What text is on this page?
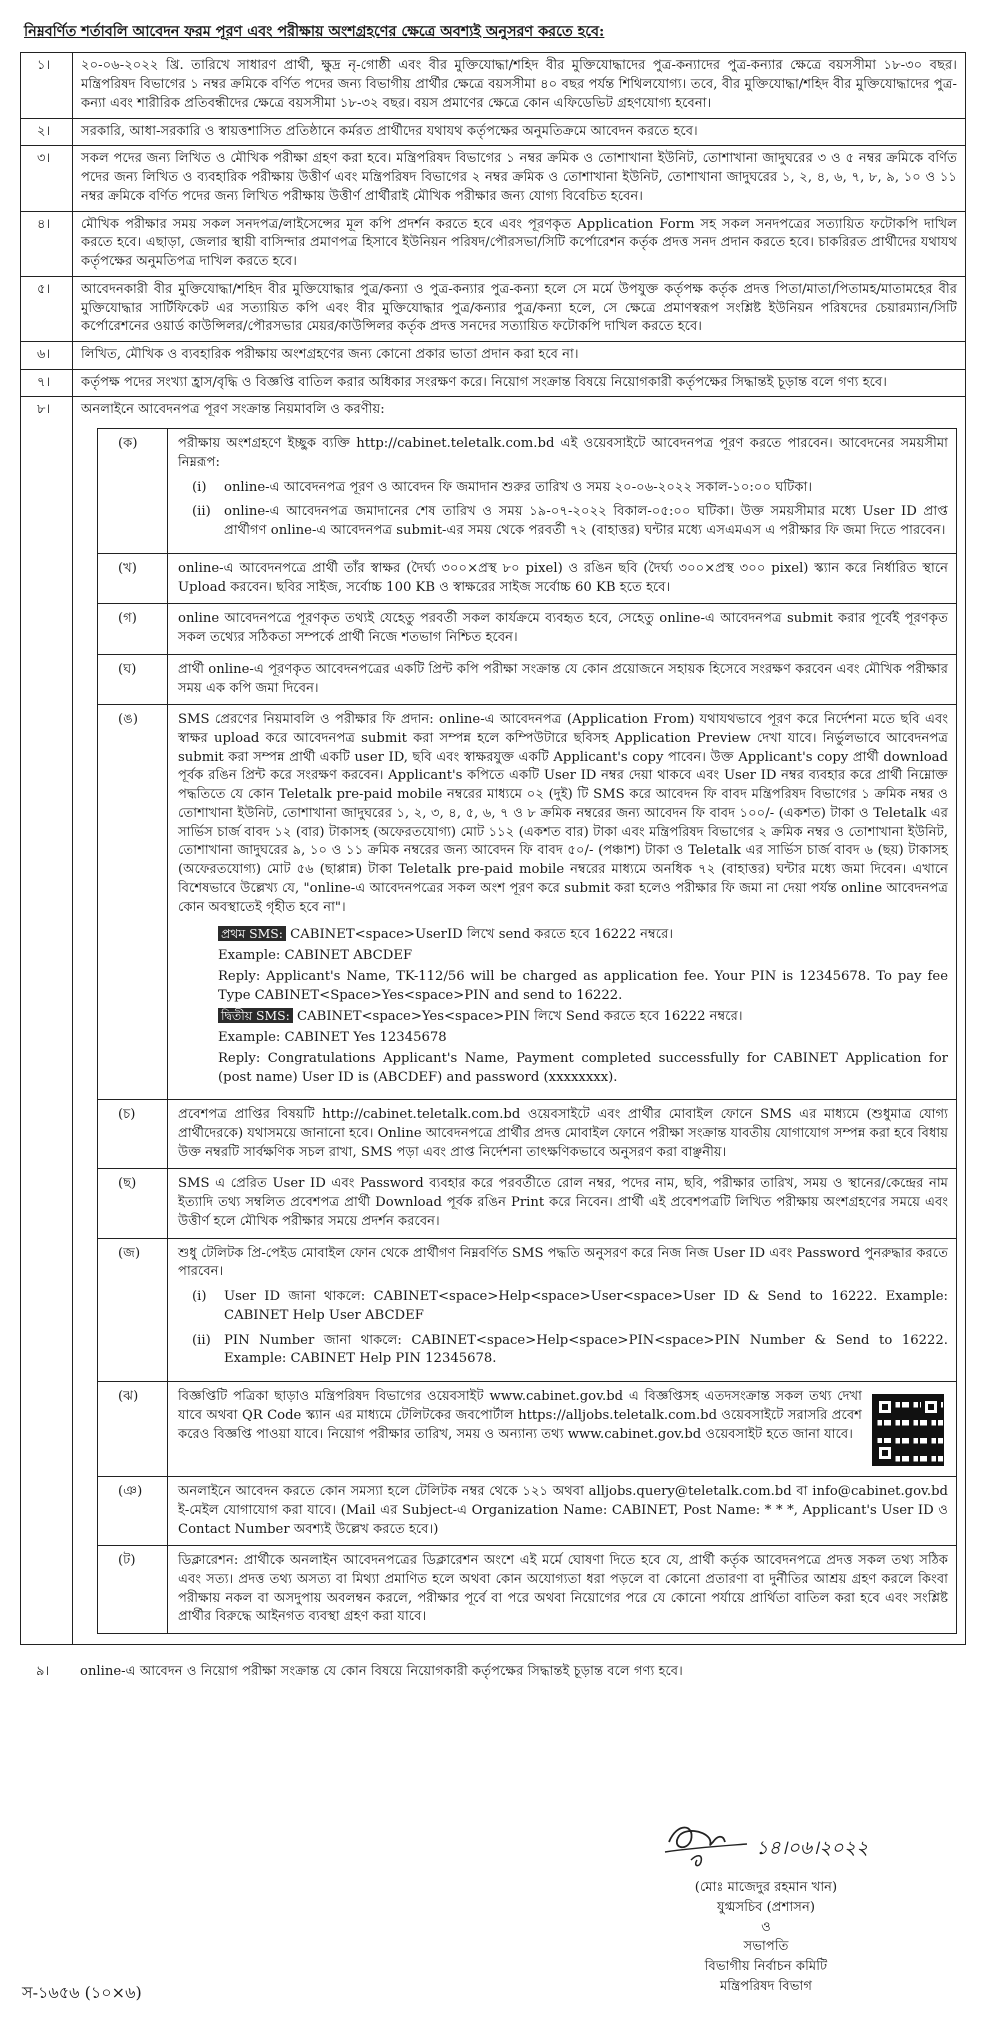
নিম্নবর্ণিত শর্তাবলি আবেদন ফরম পূরণ এবং পরীক্ষায় অংশগ্রহণের ক্ষেত্রে অবশ্যই অনুসরণ করতে হবে:
১।	২০-০৬-২০২২ খ্রি. তারিখে সাধারণ প্রার্থী, ক্ষুদ্র নৃ-গোষ্ঠী এবং বীর মুক্তিযোদ্ধা/শহিদ বীর মুক্তিযোদ্ধাদের পুত্র-কন্যাদের পুত্র-কন্যার ক্ষেত্রে বয়সসীমা ১৮-৩০ বছর। মন্ত্রিপরিষদ বিভাগের ১ নম্বর ক্রমিকে বর্ণিত পদের জন্য বিভাগীয় প্রার্থীর ক্ষেত্রে বয়সসীমা ৪০ বছর পর্যন্ত শিথিলযোগ্য। তবে, বীর মুক্তিযোদ্ধা/শহিদ বীর মুক্তিযোদ্ধাদের পুত্র-কন্যা এবং শারীরিক প্রতিবন্ধীদের ক্ষেত্রে বয়সসীমা ১৮-৩২ বছর। বয়স প্রমাণের ক্ষেত্রে কোন এফিডেভিট গ্রহণযোগ্য হবেনা।
২।	সরকারি, আধা-সরকারি ও স্বায়ত্তশাসিত প্রতিষ্ঠানে কর্মরত প্রার্থীদের যথাযথ কর্তৃপক্ষের অনুমতিক্রমে আবেদন করতে হবে।
৩।	সকল পদের জন্য লিখিত ও মৌখিক পরীক্ষা গ্রহণ করা হবে। মন্ত্রিপরিষদ বিভাগের ১ নম্বর ক্রমিক ও তোশাখানা ইউনিট, তোশাখানা জাদুঘরের ৩ ও ৫ নম্বর ক্রমিকে বর্ণিত পদের জন্য লিখিত ও ব্যবহারিক পরীক্ষায় উত্তীর্ণ এবং মন্ত্রিপরিষদ বিভাগের ২ নম্বর ক্রমিক ও তোশাখানা ইউনিট, তোশাখানা জাদুঘরের ১, ২, ৪, ৬, ৭, ৮, ৯, ১০ ও ১১ নম্বর ক্রমিকে বর্ণিত পদের জন্য লিখিত পরীক্ষায় উত্তীর্ণ প্রার্থীরাই মৌখিক পরীক্ষার জন্য যোগ্য বিবেচিত হবেন।
৪।	মৌখিক পরীক্ষার সময় সকল সনদপত্র/লাইসেন্সের মূল কপি প্রদর্শন করতে হবে এবং পূরণকৃত Application Form সহ সকল সনদপত্রের সত্যায়িত ফটোকপি দাখিল করতে হবে। এছাড়া, জেলার স্থায়ী বাসিন্দার প্রমাণপত্র হিসাবে ইউনিয়ন পরিষদ/পৌরসভা/সিটি কর্পোরেশন কর্তৃক প্রদত্ত সনদ প্রদান করতে হবে। চাকরিরত প্রার্থীদের যথাযথ কর্তৃপক্ষের অনুমতিপত্র দাখিল করতে হবে।
৫।	আবেদনকারী বীর মুক্তিযোদ্ধা/শহিদ বীর মুক্তিযোদ্ধার পুত্র/কন্যা ও পুত্র-কন্যার পুত্র-কন্যা হলে সে মর্মে উপযুক্ত কর্তৃপক্ষ কর্তৃক প্রদত্ত পিতা/মাতা/পিতামহ/মাতামহের বীর মুক্তিযোদ্ধার সার্টিফিকেট এর সত্যায়িত কপি এবং বীর মুক্তিযোদ্ধার পুত্র/কন্যার পুত্র/কন্যা হলে, সে ক্ষেত্রে প্রমাণস্বরূপ সংশ্লিষ্ট ইউনিয়ন পরিষদের চেয়ারম্যান/সিটি কর্পোরেশনের ওয়ার্ড কাউন্সিলর/পৌরসভার মেয়র/কাউন্সিলর কর্তৃক প্রদত্ত সনদের সত্যায়িত ফটোকপি দাখিল করতে হবে।
৬।	লিখিত, মৌখিক ও ব্যবহারিক পরীক্ষায় অংশগ্রহণের জন্য কোনো প্রকার ভাতা প্রদান করা হবে না।
৭।	কর্তৃপক্ষ পদের সংখ্যা হ্রাস/বৃদ্ধি ও বিজ্ঞপ্তি বাতিল করার অধিকার সংরক্ষণ করে। নিয়োগ সংক্রান্ত বিষয়ে নিয়োগকারী কর্তৃপক্ষের সিদ্ধান্তই চূড়ান্ত বলে গণ্য হবে।
৮।	অনলাইনে আবেদনপত্র পূরণ সংক্রান্ত নিয়মাবলি ও করণীয়:
(ক)	পরীক্ষায় অংশগ্রহণে ইচ্ছুক ব্যক্তি http://cabinet.teletalk.com.bd এই ওয়েবসাইটে আবেদনপত্র পূরণ করতে পারবেন। আবেদনের সময়সীমা নিম্নরূপ:
(i)	online-এ আবেদনপত্র পূরণ ও আবেদন ফি জমাদান শুরুর তারিখ ও সময় ২০-০৬-২০২২ সকাল-১০:০০ ঘটিকা।
(ii)	online-এ আবেদনপত্র জমাদানের শেষ তারিখ ও সময় ১৯-০৭-২০২২ বিকাল-০৫:০০ ঘটিকা। উক্ত সময়সীমার মধ্যে User ID প্রাপ্ত প্রার্থীগণ online-এ আবেদনপত্র submit-এর সময় থেকে পরবর্তী ৭২ (বাহাত্তর) ঘন্টার মধ্যে এসএমএস এ পরীক্ষার ফি জমা দিতে পারবেন।
(খ)	online-এ আবেদনপত্রে প্রার্থী তাঁর স্বাক্ষর (দৈর্ঘ্য ৩০০×প্রস্থ ৮০ pixel) ও রঙিন ছবি (দৈর্ঘ্য ৩০০×প্রস্থ ৩০০ pixel) স্ক্যান করে নির্ধারিত স্থানে Upload করবেন। ছবির সাইজ, সর্বোচ্চ 100 KB ও স্বাক্ষরের সাইজ সর্বোচ্চ 60 KB হতে হবে।
(গ)	online আবেদনপত্রে পূরণকৃত তথ্যই যেহেতু পরবর্তী সকল কার্যক্রমে ব্যবহৃত হবে, সেহেতু online-এ আবেদনপত্র submit করার পূর্বেই পূরণকৃত সকল তথ্যের সঠিকতা সম্পর্কে প্রার্থী নিজে শতভাগ নিশ্চিত হবেন।
(ঘ)	প্রার্থী online-এ পূরণকৃত আবেদনপত্রের একটি প্রিন্ট কপি পরীক্ষা সংক্রান্ত যে কোন প্রয়োজনে সহায়ক হিসেবে সংরক্ষণ করবেন এবং মৌখিক পরীক্ষার সময় এক কপি জমা দিবেন।
(ঙ)	SMS প্রেরণের নিয়মাবলি ও পরীক্ষার ফি প্রদান: online-এ আবেদনপত্র (Application From) যথাযথভাবে পূরণ করে নির্দেশনা মতে ছবি এবং স্বাক্ষর upload করে আবেদনপত্র submit করা সম্পন্ন হলে কম্পিউটারে ছবিসহ Application Preview দেখা যাবে। নির্ভুলভাবে আবেদনপত্র submit করা সম্পন্ন প্রার্থী একটি user ID, ছবি এবং স্বাক্ষরযুক্ত একটি Applicant's copy পাবেন। উক্ত Applicant's copy প্রার্থী download পূর্বক রঙিন প্রিন্ট করে সংরক্ষণ করবেন। Applicant's কপিতে একটি User ID নম্বর দেয়া থাকবে এবং User ID নম্বর ব্যবহার করে প্রার্থী নিম্নোক্ত পদ্ধতিতে যে কোন Teletalk pre-paid mobile নম্বরের মাধ্যমে ০২ (দুই) টি SMS করে আবেদন ফি বাবদ মন্ত্রিপরিষদ বিভাগের ১ ক্রমিক নম্বর ও তোশাখানা ইউনিট, তোশাখানা জাদুঘরের ১, ২, ৩, ৪, ৫, ৬, ৭ ও ৮ ক্রমিক নম্বরের জন্য আবেদন ফি বাবদ ১০০/- (একশত) টাকা ও Teletalk এর সার্ভিস চার্জ বাবদ ১২ (বার) টাকাসহ (অফেরতযোগ্য) মোট ১১২ (একশত বার) টাকা এবং মন্ত্রিপরিষদ বিভাগের ২ ক্রমিক নম্বর ও তোশাখানা ইউনিট, তোশাখানা জাদুঘরের ৯, ১০ ও ১১ ক্রমিক নম্বরের জন্য আবেদন ফি বাবদ ৫০/- (পঞ্চাশ) টাকা ও Teletalk এর সার্ভিস চার্জ বাবদ ৬ (ছয়) টাকাসহ (অফেরতযোগ্য) মোট ৫৬ (ছাপ্পান্ন) টাকা Teletalk pre-paid mobile নম্বরের মাধ্যমে অনধিক ৭২ (বাহাত্তর) ঘন্টার মধ্যে জমা দিবেন। এখানে বিশেষভাবে উল্লেখ্য যে, "online-এ আবেদনপত্রের সকল অংশ পূরণ করে submit করা হলেও পরীক্ষার ফি জমা না দেয়া পর্যন্ত online আবেদনপত্র কোন অবস্থাতেই গৃহীত হবে না"।
প্রথম SMS: CABINET<space>UserID লিখে send করতে হবে 16222 নম্বরে।
Example: CABINET ABCDEF
Reply: Applicant's Name, TK-112/56 will be charged as application fee. Your PIN is 12345678. To pay fee Type CABINET<Space>Yes<space>PIN and send to 16222.
দ্বিতীয় SMS: CABINET<space>Yes<space>PIN লিখে Send করতে হবে 16222 নম্বরে।
Example: CABINET Yes 12345678
Reply: Congratulations Applicant's Name, Payment completed successfully for CABINET Application for (post name) User ID is (ABCDEF) and password (xxxxxxxx).
(চ)	প্রবেশপত্র প্রাপ্তির বিষয়টি http://cabinet.teletalk.com.bd ওয়েবসাইটে এবং প্রার্থীর মোবাইল ফোনে SMS এর মাধ্যমে (শুধুমাত্র যোগ্য প্রার্থীদেরকে) যথাসময়ে জানানো হবে। Online আবেদনপত্রে প্রার্থীর প্রদত্ত মোবাইল ফোনে পরীক্ষা সংক্রান্ত যাবতীয় যোগাযোগ সম্পন্ন করা হবে বিধায় উক্ত নম্বরটি সার্বক্ষণিক সচল রাখা, SMS পড়া এবং প্রাপ্ত নির্দেশনা তাৎক্ষণিকভাবে অনুসরণ করা বাঞ্ছনীয়।
(ছ)	SMS এ প্রেরিত User ID এবং Password ব্যবহার করে পরবর্তীতে রোল নম্বর, পদের নাম, ছবি, পরীক্ষার তারিখ, সময় ও স্থানের/কেন্দ্রের নাম ইত্যাদি তথ্য সম্বলিত প্রবেশপত্র প্রার্থী Download পূর্বক রঙিন Print করে নিবেন। প্রার্থী এই প্রবেশপত্রটি লিখিত পরীক্ষায় অংশগ্রহণের সময়ে এবং উত্তীর্ণ হলে মৌখিক পরীক্ষার সময়ে প্রদর্শন করবেন।
(জ)	শুধু টেলিটক প্রি-পেইড মোবাইল ফোন থেকে প্রার্থীগণ নিম্নবর্ণিত SMS পদ্ধতি অনুসরণ করে নিজ নিজ User ID এবং Password পুনরুদ্ধার করতে পারবেন।
(i)	User ID জানা থাকলে: CABINET<space>Help<space>User<space>User ID & Send to 16222. Example: CABINET Help User ABCDEF
(ii)	PIN Number জানা থাকলে: CABINET<space>Help<space>PIN<space>PIN Number & Send to 16222. Example: CABINET Help PIN 12345678.
(ঝ)	বিজ্ঞপ্তিটি পত্রিকা ছাড়াও মন্ত্রিপরিষদ বিভাগের ওয়েবসাইট www.cabinet.gov.bd এ বিজ্ঞপ্তিসহ এতদসংক্রান্ত সকল তথ্য দেখা যাবে অথবা QR Code স্ক্যান এর মাধ্যমে টেলিটকের জবপোর্টাল https://alljobs.teletalk.com.bd ওয়েবসাইটে সরাসরি প্রবেশ করেও বিজ্ঞপ্তি পাওয়া যাবে। নিয়োগ পরীক্ষার তারিখ, সময় ও অন্যান্য তথ্য www.cabinet.gov.bd ওয়েবসাইট হতে জানা যাবে।
(ঞ)	অনলাইনে আবেদন করতে কোন সমস্যা হলে টেলিটক নম্বর থেকে ১২১ অথবা alljobs.query@teletalk.com.bd বা info@cabinet.gov.bd ই-মেইল যোগাযোগ করা যাবে। (Mail এর Subject-এ Organization Name: CABINET, Post Name: * * *, Applicant's User ID ও Contact Number অবশ্যই উল্লেখ করতে হবে।)
(ট)	ডিক্লারেশন: প্রার্থীকে অনলাইন আবেদনপত্রের ডিক্লারেশন অংশে এই মর্মে ঘোষণা দিতে হবে যে, প্রার্থী কর্তৃক আবেদনপত্রে প্রদত্ত সকল তথ্য সঠিক এবং সত্য। প্রদত্ত তথ্য অসত্য বা মিথ্যা প্রমাণিত হলে অথবা কোন অযোগ্যতা ধরা পড়লে বা কোনো প্রতারণা বা দুর্নীতির আশ্রয় গ্রহণ করলে কিংবা পরীক্ষায় নকল বা অসদুপায় অবলম্বন করলে, পরীক্ষার পূর্বে বা পরে অথবা নিয়োগের পরে যে কোনো পর্যায়ে প্রার্থিতা বাতিল করা হবে এবং সংশ্লিষ্ট প্রার্থীর বিরুদ্ধে আইনগত ব্যবস্থা গ্রহণ করা যাবে।
৯।	online-এ আবেদন ও নিয়োগ পরীক্ষা সংক্রান্ত যে কোন বিষয়ে নিয়োগকারী কর্তৃপক্ষের সিদ্ধান্তই চূড়ান্ত বলে গণ্য হবে।
১৪।০৬।২০২২
(মোঃ মাজেদুর রহমান খান)
যুগ্মসচিব (প্রশাসন)
ও
সভাপতি
বিভাগীয় নির্বাচন কমিটি
মন্ত্রিপরিষদ বিভাগ
স-১৬৫৬ (১০×৬)
